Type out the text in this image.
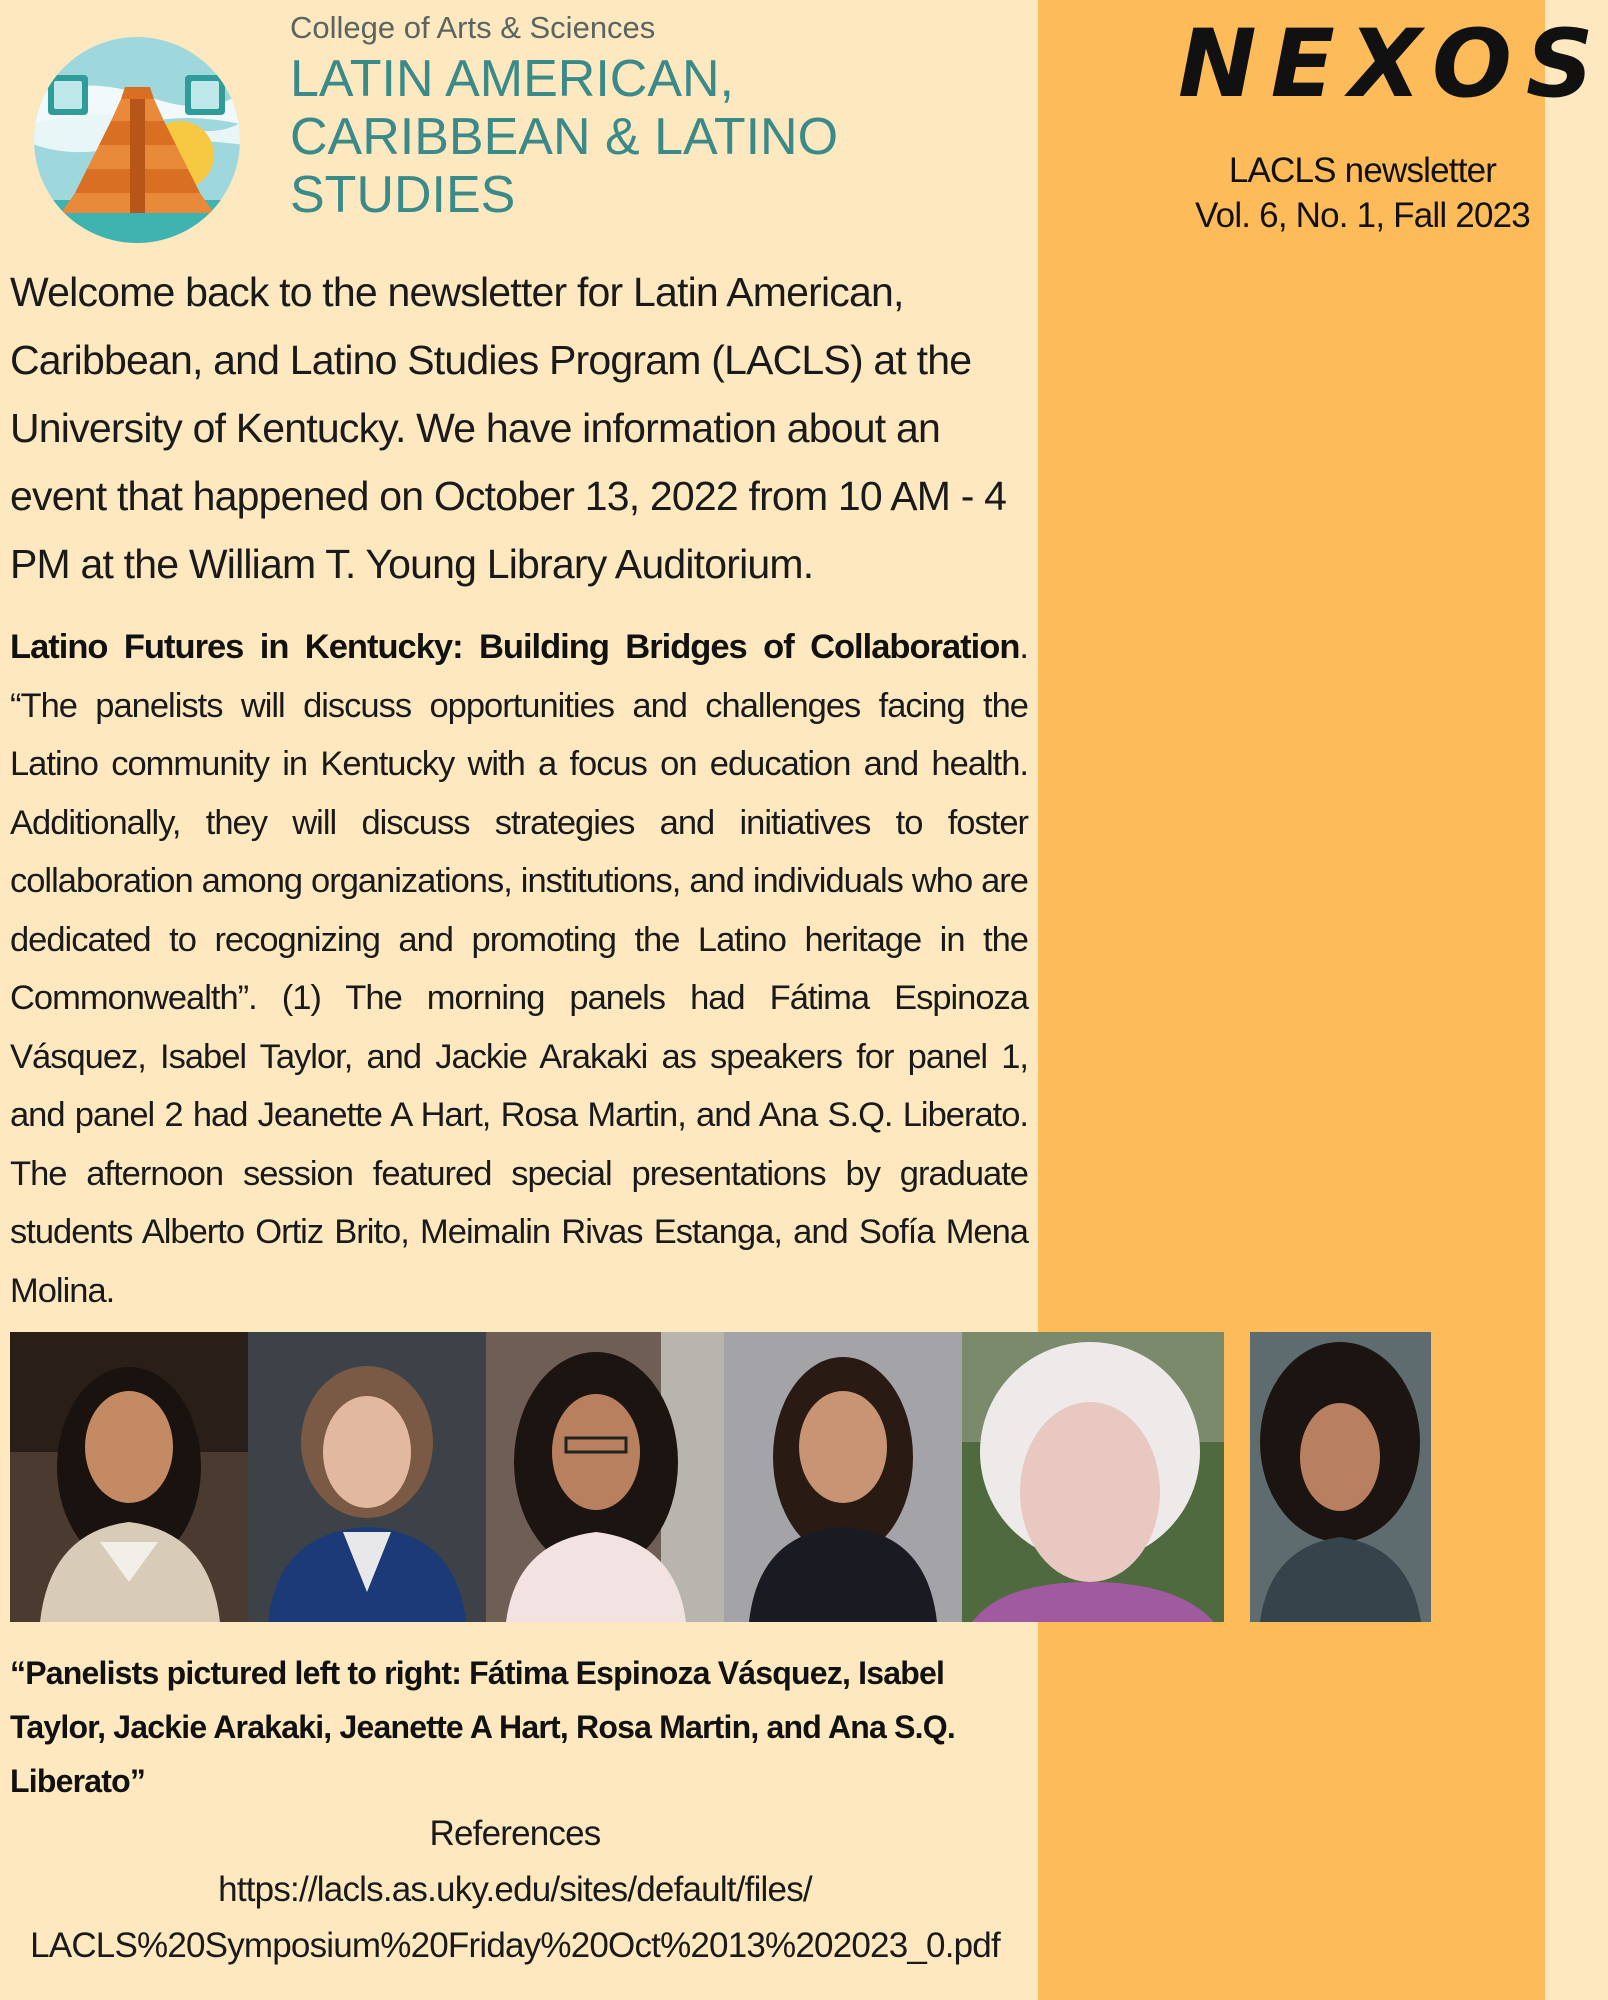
NEXOS
LACLS newsletter
Vol. 6, No. 1, Fall 2023
College of Arts & Sciences
LATIN AMERICAN,
CARIBBEAN & LATINO
STUDIES
Welcome back to the newsletter for Latin American,
Caribbean, and Latino Studies Program (LACLS) at the
University of Kentucky. We have information about an
event that happened on October 13, 2022 from 10 AM - 4
PM at the William T. Young Library Auditorium.
Latino Futures in Kentucky: Building Bridges of Collaboration. “The panelists will discuss opportunities and challenges facing the Latino community in Kentucky with a focus on education and health. Additionally, they will discuss strategies and initiatives to foster collaboration among organizations, institutions, and individuals who are dedicated to recognizing and promoting the Latino heritage in the Commonwealth”. (1) The morning panels had Fátima Espinoza Vásquez, Isabel Taylor, and Jackie Arakaki as speakers for panel 1, and panel 2 had Jeanette A Hart, Rosa Martin, and Ana S.Q. Liberato. The afternoon session featured special presentations by graduate students Alberto Ortiz Brito, Meimalin Rivas Estanga, and Sofía Mena Molina.
“Panelists pictured left to right: Fátima Espinoza Vásquez, Isabel
Taylor, Jackie Arakaki, Jeanette A Hart, Rosa Martin, and Ana S.Q.
Liberato”
References
https://lacls.as.uky.edu/sites/default/files/
LACLS%20Symposium%20Friday%20Oct%2013%202023_0.pdf
